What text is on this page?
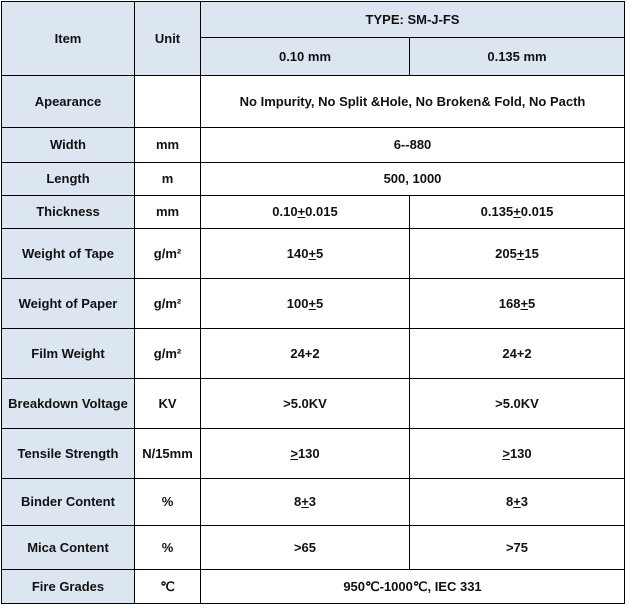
Item	Unit	TYPE: SM-J-FS	
		0.10 mm	0.135 mm
Apearance		No Impurity, No Split &Hole, No Broken& Fold, No Pacth	
Width	mm	6--880	
Length	m	500, 1000	
Thickness	mm	0.10+0.015	0.135+0.015
Weight of Tape	g/m²	140+5	205+15
Weight of Paper	g/m²	100+5	168+5
Film Weight	g/m²	24+2	24+2
Breakdown Voltage	KV	>5.0KV	>5.0KV
Tensile Strength	N/15mm	>130	>130
Binder Content	%	8+3	8+3
Mica Content	%	>65	>75
Fire Grades	℃	950℃-1000℃, IEC 331	
